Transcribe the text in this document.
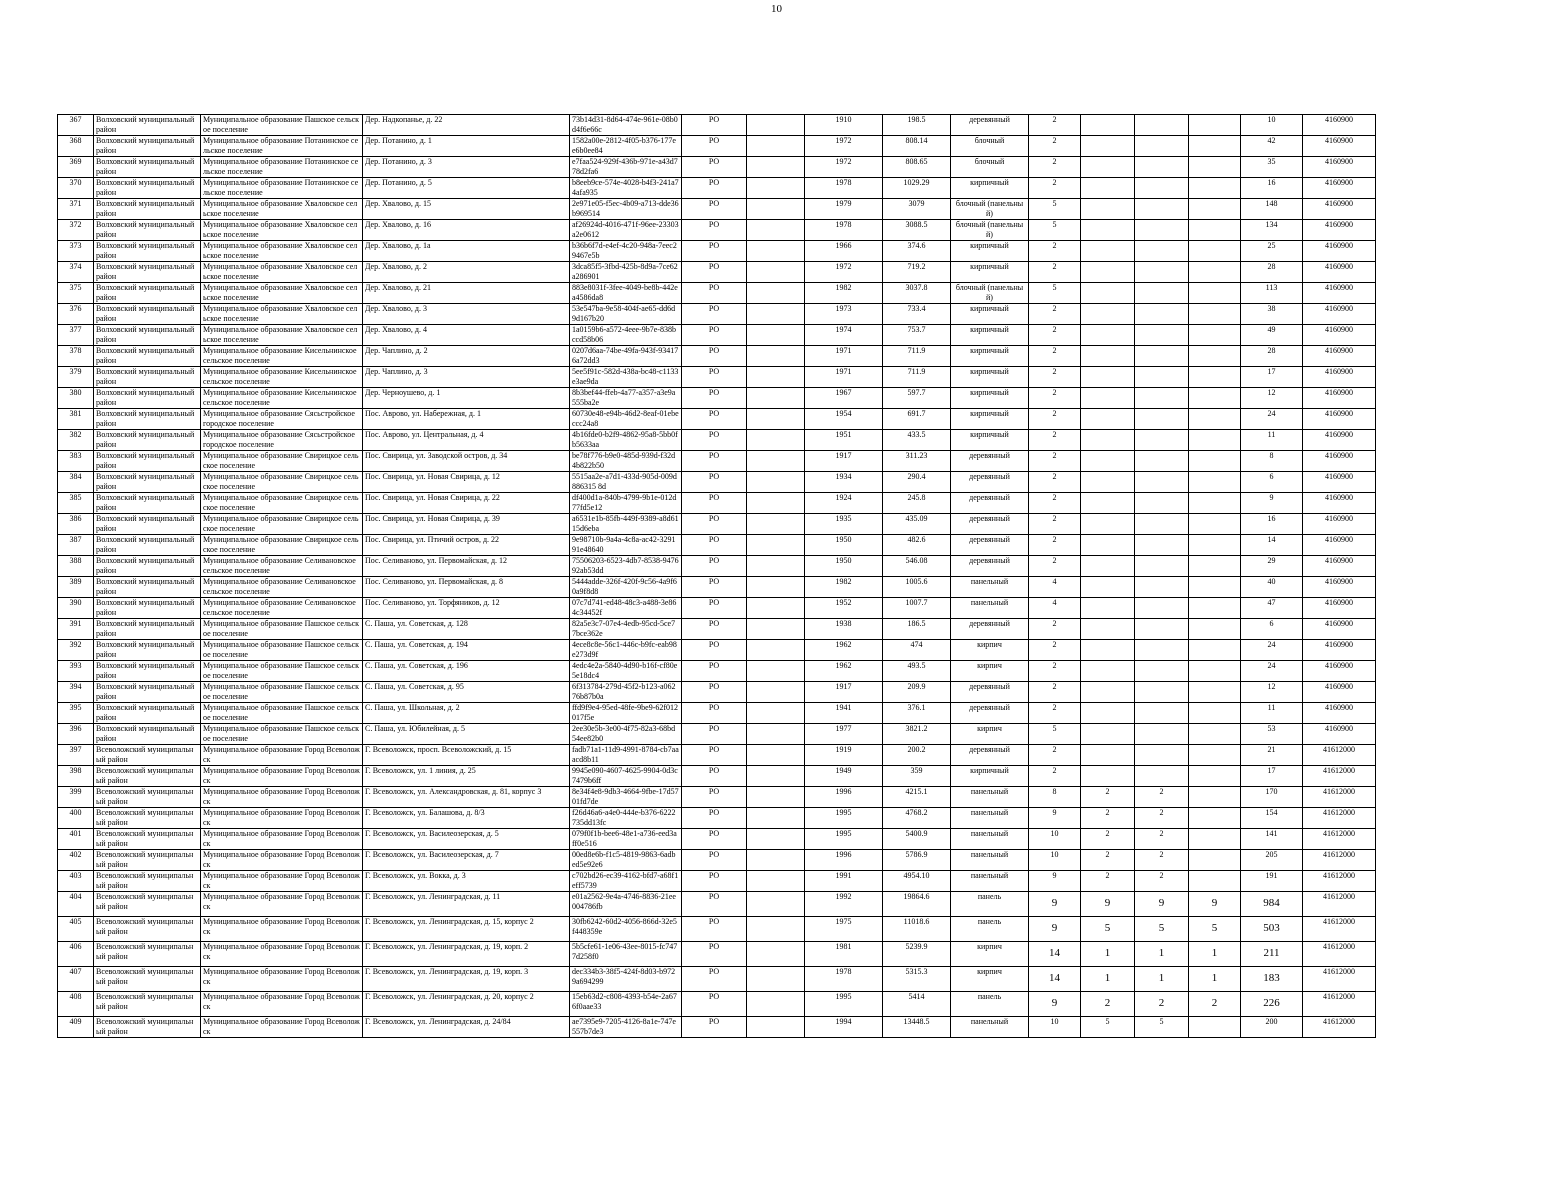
10
367	Волховский муниципальный район	Муниципальное образование Пашское сельское поселение	Дер. Надкопанье, д. 22	73b14d31-8d64-474e-961e-08b0d4f6e66c	РО		1910	198.5	деревянный	2				10	4160900
368	Волховский муниципальный район	Муниципальное образование Потанинское сельское поселение	Дер. Потанино, д. 1	1582a00e-2812-4f05-b376-177ee6b0ee84	РО		1972	808.14	блочный	2				42	4160900
369	Волховский муниципальный район	Муниципальное образование Потанинское сельское поселение	Дер. Потанино, д. 3	e7faa524-929f-436b-971e-a43d778d2fa6	РО		1972	808.65	блочный	2				35	4160900
370	Волховский муниципальный район	Муниципальное образование Потанинское сельское поселение	Дер. Потанино, д. 5	b8eeb9ce-574e-4028-b4f3-241a74afa935	РО		1978	1029.29	кирпичный	2				16	4160900
371	Волховский муниципальный район	Муниципальное образование Хваловское сельское поселение	Дер. Хвалово, д. 15	2e971e05-f5ec-4b09-a713-dde36b969514	РО		1979	3079	блочный (панельный)	5				148	4160900
372	Волховский муниципальный район	Муниципальное образование Хваловское сельское поселение	Дер. Хвалово, д. 16	af26924d-4016-471f-96ee-23303a2e0612	РО		1978	3088.5	блочный (панельный)	5				134	4160900
373	Волховский муниципальный район	Муниципальное образование Хваловское сельское поселение	Дер. Хвалово, д. 1а	b36b6f7d-e4ef-4c20-948a-7eec29467e5b	РО		1966	374.6	кирпичный	2				25	4160900
374	Волховский муниципальный район	Муниципальное образование Хваловское сельское поселение	Дер. Хвалово, д. 2	3dca85f5-3fbd-425b-8d9a-7ce62a286901	РО		1972	719.2	кирпичный	2				28	4160900
375	Волховский муниципальный район	Муниципальное образование Хваловское сельское поселение	Дер. Хвалово, д. 21	883e8031f-3fee-4049-be8b-442ea4586da8	РО		1982	3037.8	блочный (панельный)	5				113	4160900
376	Волховский муниципальный район	Муниципальное образование Хваловское сельское поселение	Дер. Хвалово, д. 3	53e547ba-9e58-404f-ae65-dd6d9d167b20	РО		1973	733.4	кирпичный	2				38	4160900
377	Волховский муниципальный район	Муниципальное образование Хваловское сельское поселение	Дер. Хвалово, д. 4	1a0159b6-a572-4eee-9b7e-838bccd58b06	РО		1974	753.7	кирпичный	2				49	4160900
378	Волховский муниципальный район	Муниципальное образование Кисельнинское сельское поселение	Дер. Чаплино, д. 2	0207d6aa-74be-49fa-943f-934176a72dd3	РО		1971	711.9	кирпичный	2				28	4160900
379	Волховский муниципальный район	Муниципальное образование Кисельнинское сельское поселение	Дер. Чаплино, д. 3	5ee5f91c-582d-438a-bc48-c1133e3ae9da	РО		1971	711.9	кирпичный	2				17	4160900
380	Волховский муниципальный район	Муниципальное образование Кисельнинское сельское поселение	Дер. Черноушево, д. 1	8b3bef44-ffeb-4a77-a357-a3e9a555ba2e	РО		1967	597.7	кирпичный	2				12	4160900
381	Волховский муниципальный район	Муниципальное образование Сясьстройское городское поселение	Пос. Аврово, ул. Набережная, д. 1	60730e48-e94b-46d2-8eaf-01ebeccc24a8	РО		1954	691.7	кирпичный	2				24	4160900
382	Волховский муниципальный район	Муниципальное образование Сясьстройское городское поселение	Пос. Аврово, ул. Центральная, д. 4	4b16fde0-b2f9-4862-95a8-5bb0fb5633aa	РО		1951	433.5	кирпичный	2				11	4160900
383	Волховский муниципальный район	Муниципальное образование Свирицкое сельское поселение	Пос. Свирица, ул. Заводской остров, д. 34	be78f776-b9e0-485d-939d-f32d4b822b50	РО		1917	311.23	деревянный	2				8	4160900
384	Волховский муниципальный район	Муниципальное образование Свирицкое сельское поселение	Пос. Свирица, ул. Новая Свирица, д. 12	5515aa2e-a7d1-433d-905d-009d886315 8d	РО		1934	290.4	деревянный	2				6	4160900
385	Волховский муниципальный район	Муниципальное образование Свирицкое сельское поселение	Пос. Свирица, ул. Новая Свирица, д. 22	df400d1a-840b-4799-9b1e-012d77fd5e12	РО		1924	245.8	деревянный	2				9	4160900
386	Волховский муниципальный район	Муниципальное образование Свирицкое сельское поселение	Пос. Свирица, ул. Новая Свирица, д. 39	a6531e1b-85fb-449f-9389-a8d6115d6eba	РО		1935	435.09	деревянный	2				16	4160900
387	Волховский муниципальный район	Муниципальное образование Свирицкое сельское поселение	Пос. Свирица, ул. Птичий остров, д. 22	9e98710b-9a4a-4c8a-ac42-329191e48640	РО		1950	482.6	деревянный	2				14	4160900
388	Волховский муниципальный район	Муниципальное образование Селивановское сельское поселение	Пос. Селиваново, ул. Первомайская, д. 12	75506203-6523-4db7-8538-947692ab53dd	РО		1950	546.08	деревянный	2				29	4160900
389	Волховский муниципальный район	Муниципальное образование Селивановское сельское поселение	Пос. Селиваново, ул. Первомайская, д. 8	5444adde-326f-420f-9c56-4a9f60a9f8d8	РО		1982	1005.6	панельный	4				40	4160900
390	Волховский муниципальный район	Муниципальное образование Селивановское сельское поселение	Пос. Селиваново, ул. Торфяников, д. 12	07c7d741-ed48-48c3-a488-3e864c34452f	РО		1952	1007.7	панельный	4				47	4160900
391	Волховский муниципальный район	Муниципальное образование Пашское сельское поселение	С. Паша, ул. Советская, д. 128	82a5e3c7-07e4-4edb-95cd-5ce77bce362e	РО		1938	186.5	деревянный	2				6	4160900
392	Волховский муниципальный район	Муниципальное образование Пашское сельское поселение	С. Паша, ул. Советская, д. 194	4ece8c8e-56c1-446c-b9fc-eab98e273d9f	РО		1962	474	кирпич	2				24	4160900
393	Волховский муниципальный район	Муниципальное образование Пашское сельское поселение	С. Паша, ул. Советская, д. 196	4edc4e2a-5840-4d90-b16f-cf80e5e18dc4	РО		1962	493.5	кирпич	2				24	4160900
394	Волховский муниципальный район	Муниципальное образование Пашское сельское поселение	С. Паша, ул. Советская, д. 95	6f313784-279d-45f2-b123-a06276b87b0a	РО		1917	209.9	деревянный	2				12	4160900
395	Волховский муниципальный район	Муниципальное образование Пашское сельское поселение	С. Паша, ул. Школьная, д. 2	ffd9f9e4-95ed-48fe-9be9-62f012017f5e	РО		1941	376.1	деревянный	2				11	4160900
396	Волховский муниципальный район	Муниципальное образование Пашское сельское поселение	С. Паша, ул. Юбилейная, д. 5	2ee30e5b-3e00-4f75-82a3-68bd54ee82b0	РО		1977	3821.2	кирпич	5				53	4160900
397	Всеволожский муниципальный район	Муниципальное образование Город Всеволожск	Г. Всеволожск, просп. Всеволожский, д. 15	fadb71a1-11d9-4991-8784-cb7aaacd8b11	РО		1919	200.2	деревянный	2				21	41612000
398	Всеволожский муниципальный район	Муниципальное образование Город Всеволожск	Г. Всеволожск, ул. 1 линия, д. 25	9945e090-4607-4625-9904-0d3c7479b6ff	РО		1949	359	кирпичный	2				17	41612000
399	Всеволожский муниципальный район	Муниципальное образование Город Всеволожск	Г. Всеволожск, ул. Александровская, д. 81, корпус 3	8e34f4e8-9db3-4664-9fbe-17d5701fd7de	РО		1996	4215.1	панельный	8	2	2		170	41612000
400	Всеволожский муниципальный район	Муниципальное образование Город Всеволожск	Г. Всеволожск, ул. Балашова, д. 8/3	f26d46a6-a4e0-444e-b376-6222735dd13fc	РО		1995	4768.2	панельный	9	2	2		154	41612000
401	Всеволожский муниципальный район	Муниципальное образование Город Всеволожск	Г. Всеволожск, ул. Василеозерская, д. 5	079f0f1b-bee6-48e1-a736-eed3aff0e516	РО		1995	5400.9	панельный	10	2	2		141	41612000
402	Всеволожский муниципальный район	Муниципальное образование Город Всеволожск	Г. Всеволожск, ул. Василеозерская, д. 7	00ed8e6b-f1c5-4819-9863-6adbed5e92e6	РО		1996	5786.9	панельный	10	2	2		205	41612000
403	Всеволожский муниципальный район	Муниципальное образование Город Всеволожск	Г. Всеволожск, ул. Вокка, д. 3	c702bd26-ec39-4162-bfd7-a68f1eff5739	РО		1991	4954.10	панельный	9	2	2		191	41612000
404	Всеволожский муниципальный район	Муниципальное образование Город Всеволожск	Г. Всеволожск, ул. Ленинградская, д. 11	e01a2562-9e4a-4746-8836-21ee004786fb	РО		1992	19864.6	панель	9	9	9	9	984	41612000
405	Всеволожский муниципальный район	Муниципальное образование Город Всеволожск	Г. Всеволожск, ул. Ленинградская, д. 15, корпус 2	30fb6242-60d2-4056-866d-32e5f448359e	РО		1975	11018.6	панель	9	5	5	5	503	41612000
406	Всеволожский муниципальный район	Муниципальное образование Город Всеволожск	Г. Всеволожск, ул. Ленинградская, д. 19, корп. 2	5b5cfe61-1e06-43ee-8015-fc7477d258f0	РО		1981	5239.9	кирпич	14	1	1	1	211	41612000
407	Всеволожский муниципальный район	Муниципальное образование Город Всеволожск	Г. Всеволожск, ул. Ленинградская, д. 19, корп. 3	dec334b3-38f5-424f-8d03-b9729a694299	РО		1978	5315.3	кирпич	14	1	1	1	183	41612000
408	Всеволожский муниципальный район	Муниципальное образование Город Всеволожск	Г. Всеволожск, ул. Ленинградская, д. 20, корпус 2	15eb63d2-c808-4393-b54e-2a676f0aae33	РО		1995	5414	панель	9	2	2	2	226	41612000
409	Всеволожский муниципальный район	Муниципальное образование Город Всеволожск	Г. Всеволожск, ул. Ленинградская, д. 24/84	ae7395e9-7205-4126-8a1e-747e557b7de3	РО		1994	13448.5	панельный	10	5	5		200	41612000
